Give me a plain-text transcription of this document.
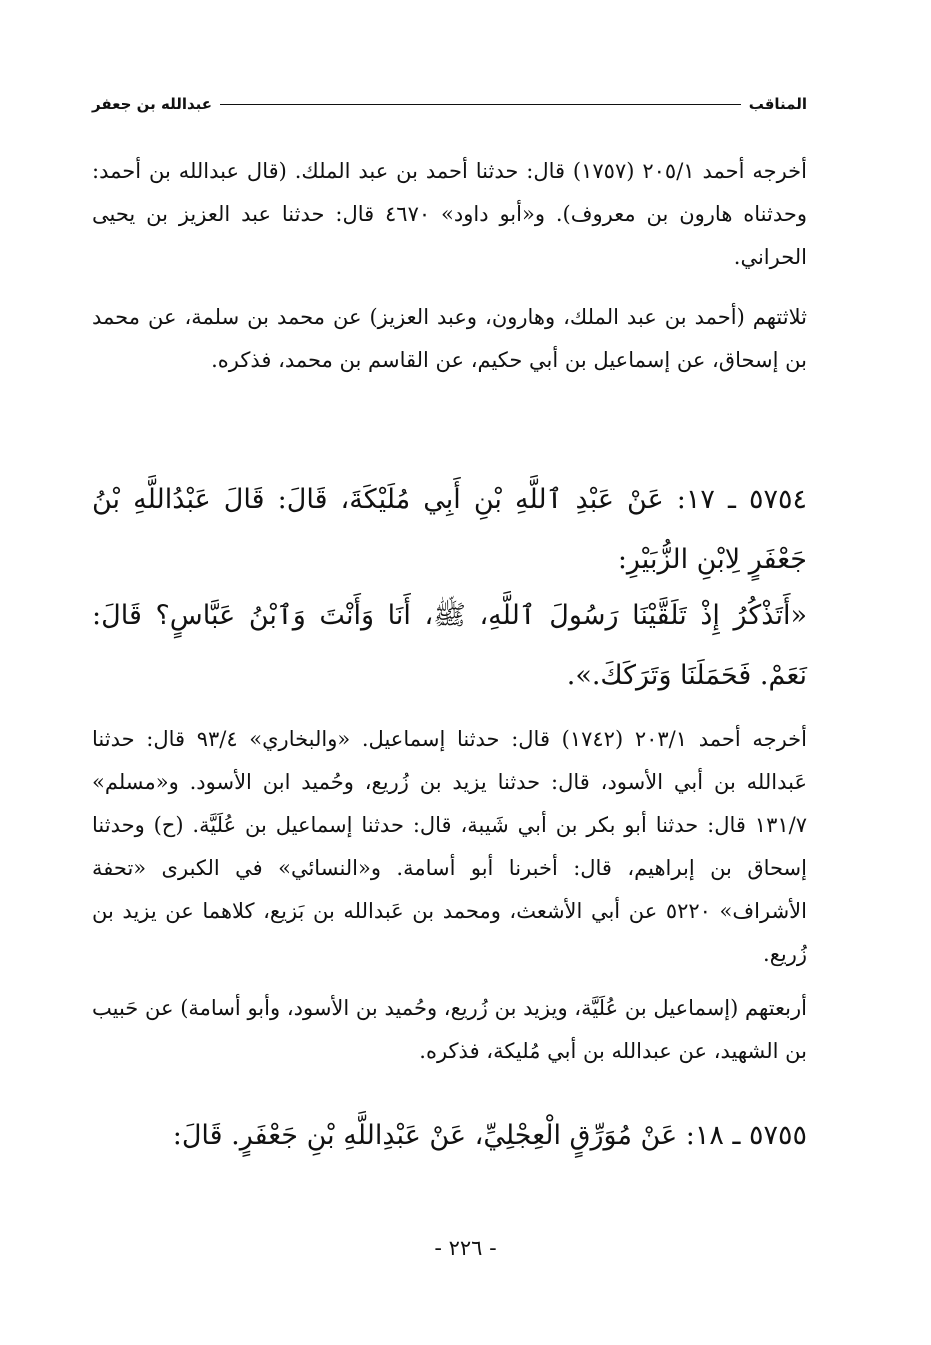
المناقب
عبدالله بن جعفر
أخرجه أحمد ٢٠٥/١ (١٧٥٧) قال: حدثنا أحمد بن عبد الملك. (قال عبدالله بن أحمد: وحدثناه هارون بن معروف). و«أبو داود» ٤٦٧٠ قال: حدثنا عبد العزيز بن يحيى الحراني.
ثلاثتهم (أحمد بن عبد الملك، وهارون، وعبد العزيز) عن محمد بن سلمة، عن محمد بن إسحاق، عن إسماعيل بن أبي حكيم، عن القاسم بن محمد، فذكره.
٥٧٥٤ ـ ١٧: عَنْ عَبْدِ ٱللَّهِ بْنِ أَبِي مُلَيْكَةَ، قَالَ: قَالَ عَبْدُاللَّهِ بْنُ جَعْفَرٍ لِابْنِ الزُّبَيْرِ:
«أَتَذْكُرُ إِذْ تَلَقَّيْنَا رَسُولَ ٱللَّهِ، ﷺ، أَنَا وَأَنْتَ وَٱبْنُ عَبَّاسٍ؟ قَالَ: نَعَمْ. فَحَمَلَنَا وَتَرَكَكَ.».
أخرجه أحمد ٢٠٣/١ (١٧٤٢) قال: حدثنا إسماعيل. «والبخاري» ٩٣/٤ قال: حدثنا عَبدالله بن أبي الأسود، قال: حدثنا يزيد بن زُريع، وحُميد ابن الأسود. و«مسلم» ١٣١/٧ قال: حدثنا أبو بكر بن أبي شَيبة، قال: حدثنا إسماعيل بن عُلَيَّة. (ح) وحدثنا إسحاق بن إبراهيم، قال: أخبرنا أبو أسامة. و«النسائي» في الكبرى «تحفة الأشراف» ٥٢٢٠ عن أبي الأشعث، ومحمد بن عَبدالله بن بَزيع، كلاهما عن يزيد بن زُريع.
أربعتهم (إسماعيل بن عُلَيَّة، ويزيد بن زُريع، وحُميد بن الأسود، وأبو أسامة) عن حَبيب بن الشهيد، عن عبدالله بن أبي مُليكة، فذكره.
٥٧٥٥ ـ ١٨: عَنْ مُوَرِّقٍ الْعِجْلِيِّ، عَنْ عَبْدِاللَّهِ بْنِ جَعْفَرٍ. قَالَ:
- ٢٢٦ -
